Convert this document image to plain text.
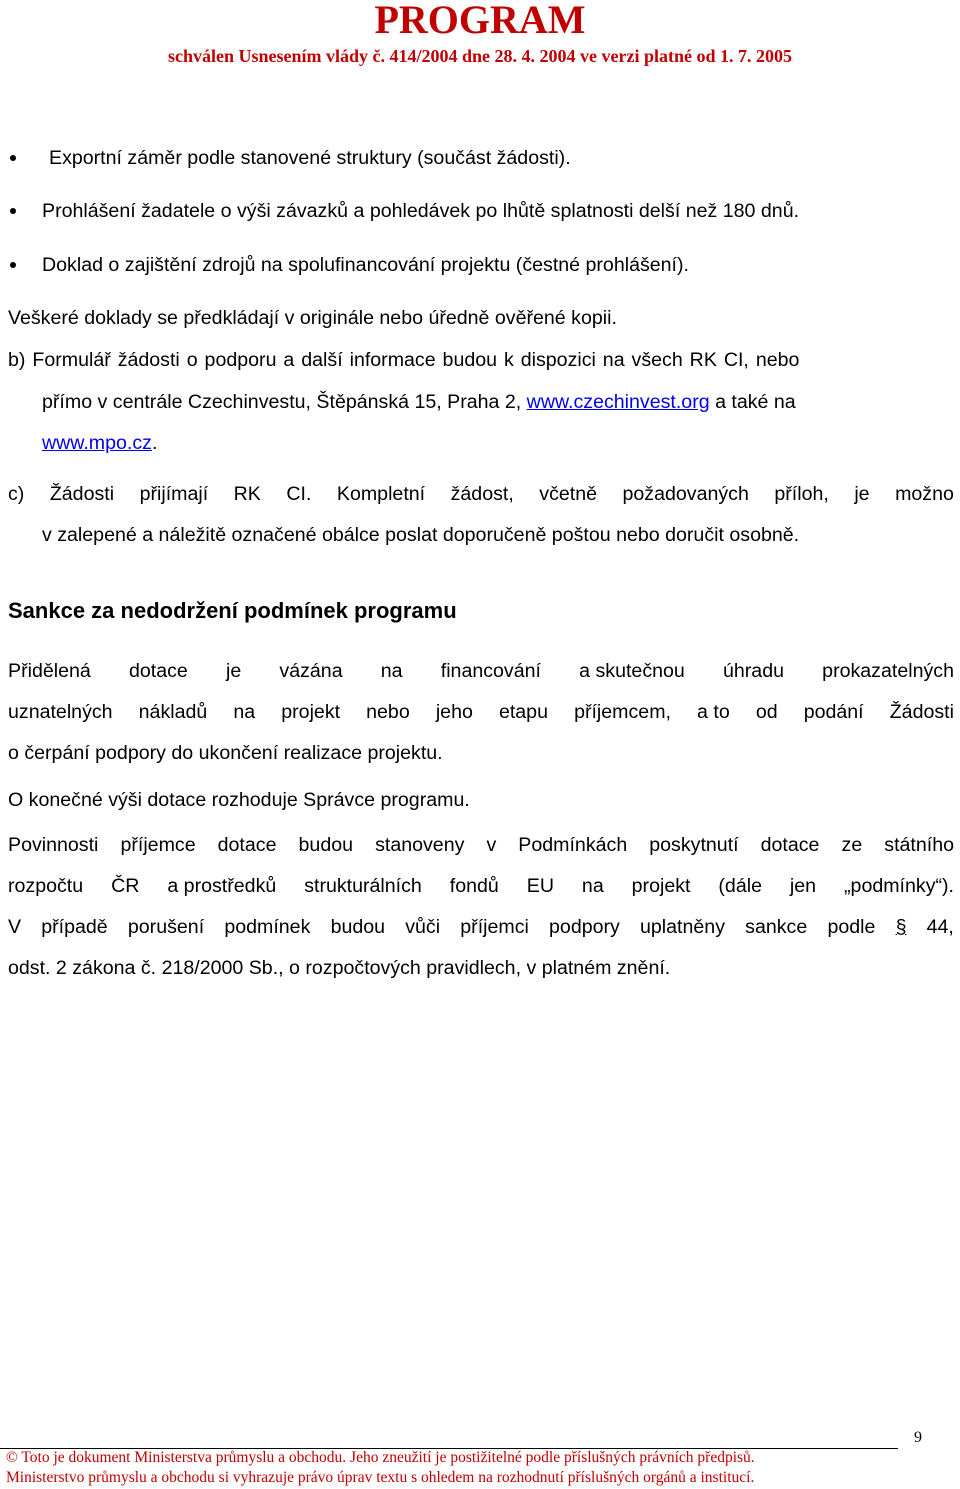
PROGRAM
schválen Usnesením vlády č. 414/2004 dne 28. 4. 2004 ve verzi platné od 1. 7. 2005
Exportní záměr podle stanovené struktury (součást žádosti).
Prohlášení žadatele o výši závazků a pohledávek po lhůtě splatnosti delší než 180 dnů.
Doklad o zajištění zdrojů na spolufinancování projektu (čestné prohlášení).
Veškeré doklady se předkládají v originále nebo úředně ověřené kopii.
b) Formulář žádosti o podporu a další informace budou k dispozici na všech RK CI, nebo
přímo v centrále Czechinvestu, Štěpánská 15, Praha 2, www.czechinvest.org a také na
www.mpo.cz.
c) Žádosti přijímají RK CI. Kompletní žádost, včetně požadovaných příloh, je možno
v zalepené a náležitě označené obálce poslat doporučeně poštou nebo doručit osobně.
Sankce za nedodržení podmínek programu
Přidělená dotace je vázána na financování a skutečnou úhradu prokazatelných
uznatelných nákladů na projekt nebo jeho etapu příjemcem, a to od podání Žádosti
o čerpání podpory do ukončení realizace projektu.
O konečné výši dotace rozhoduje Správce programu.
Povinnosti příjemce dotace budou stanoveny v Podmínkách poskytnutí dotace ze státního
rozpočtu ČR a prostředků strukturálních fondů EU na projekt (dále jen „podmínky“).
V případě porušení podmínek budou vůči příjemci podpory uplatněny sankce podle § 44,
odst. 2 zákona č. 218/2000 Sb., o rozpočtových pravidlech, v platném znění.
9
© Toto je dokument Ministerstva průmyslu a obchodu. Jeho zneužití je postižitelné podle příslušných právních předpisů.
Ministerstvo průmyslu a obchodu si vyhrazuje právo úprav textu s ohledem na rozhodnutí příslušných orgánů a institucí.
